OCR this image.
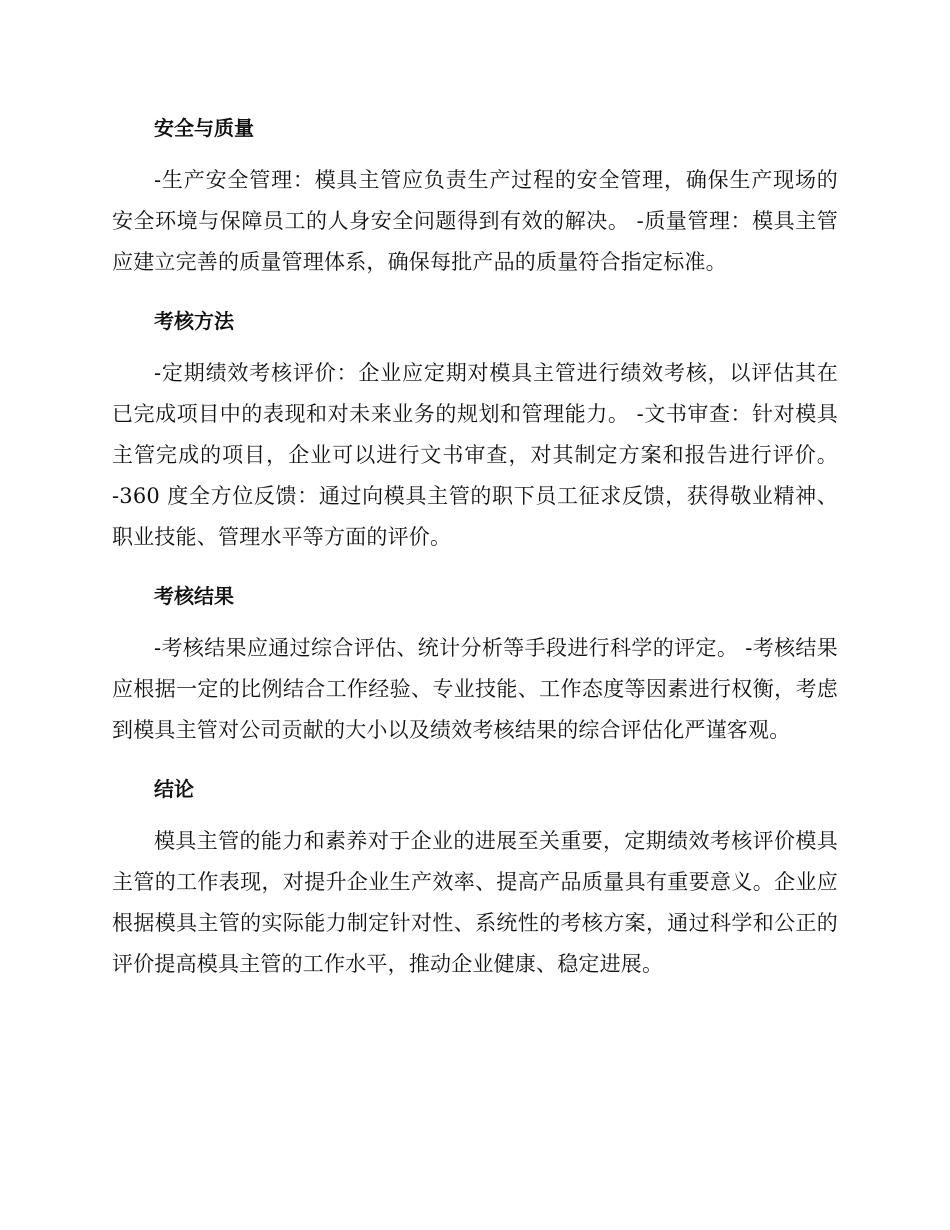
安全与质量

-生产安全管理：模具主管应负责生产过程的安全管理，确保生产现场的安全环境与保障员工的人身安全问题得到有效的解决。 -质量管理：模具主管应建立完善的质量管理体系，确保每批产品的质量符合指定标准。

考核方法

-定期绩效考核评价：企业应定期对模具主管进行绩效考核，以评估其在已完成项目中的表现和对未来业务的规划和管理能力。 -文书审查：针对模具主管完成的项目，企业可以进行文书审查，对其制定方案和报告进行评价。 -360 度全方位反馈：通过向模具主管的职下员工征求反馈，获得敬业精神、职业技能、管理水平等方面的评价。

考核结果

-考核结果应通过综合评估、统计分析等手段进行科学的评定。 -考核结果应根据一定的比例结合工作经验、专业技能、工作态度等因素进行权衡，考虑到模具主管对公司贡献的大小以及绩效考核结果的综合评估化严谨客观。

结论

模具主管的能力和素养对于企业的进展至关重要，定期绩效考核评价模具主管的工作表现，对提升企业生产效率、提高产品质量具有重要意义。企业应根据模具主管的实际能力制定针对性、系统性的考核方案，通过科学和公正的评价提高模具主管的工作水平，推动企业健康、稳定进展。
